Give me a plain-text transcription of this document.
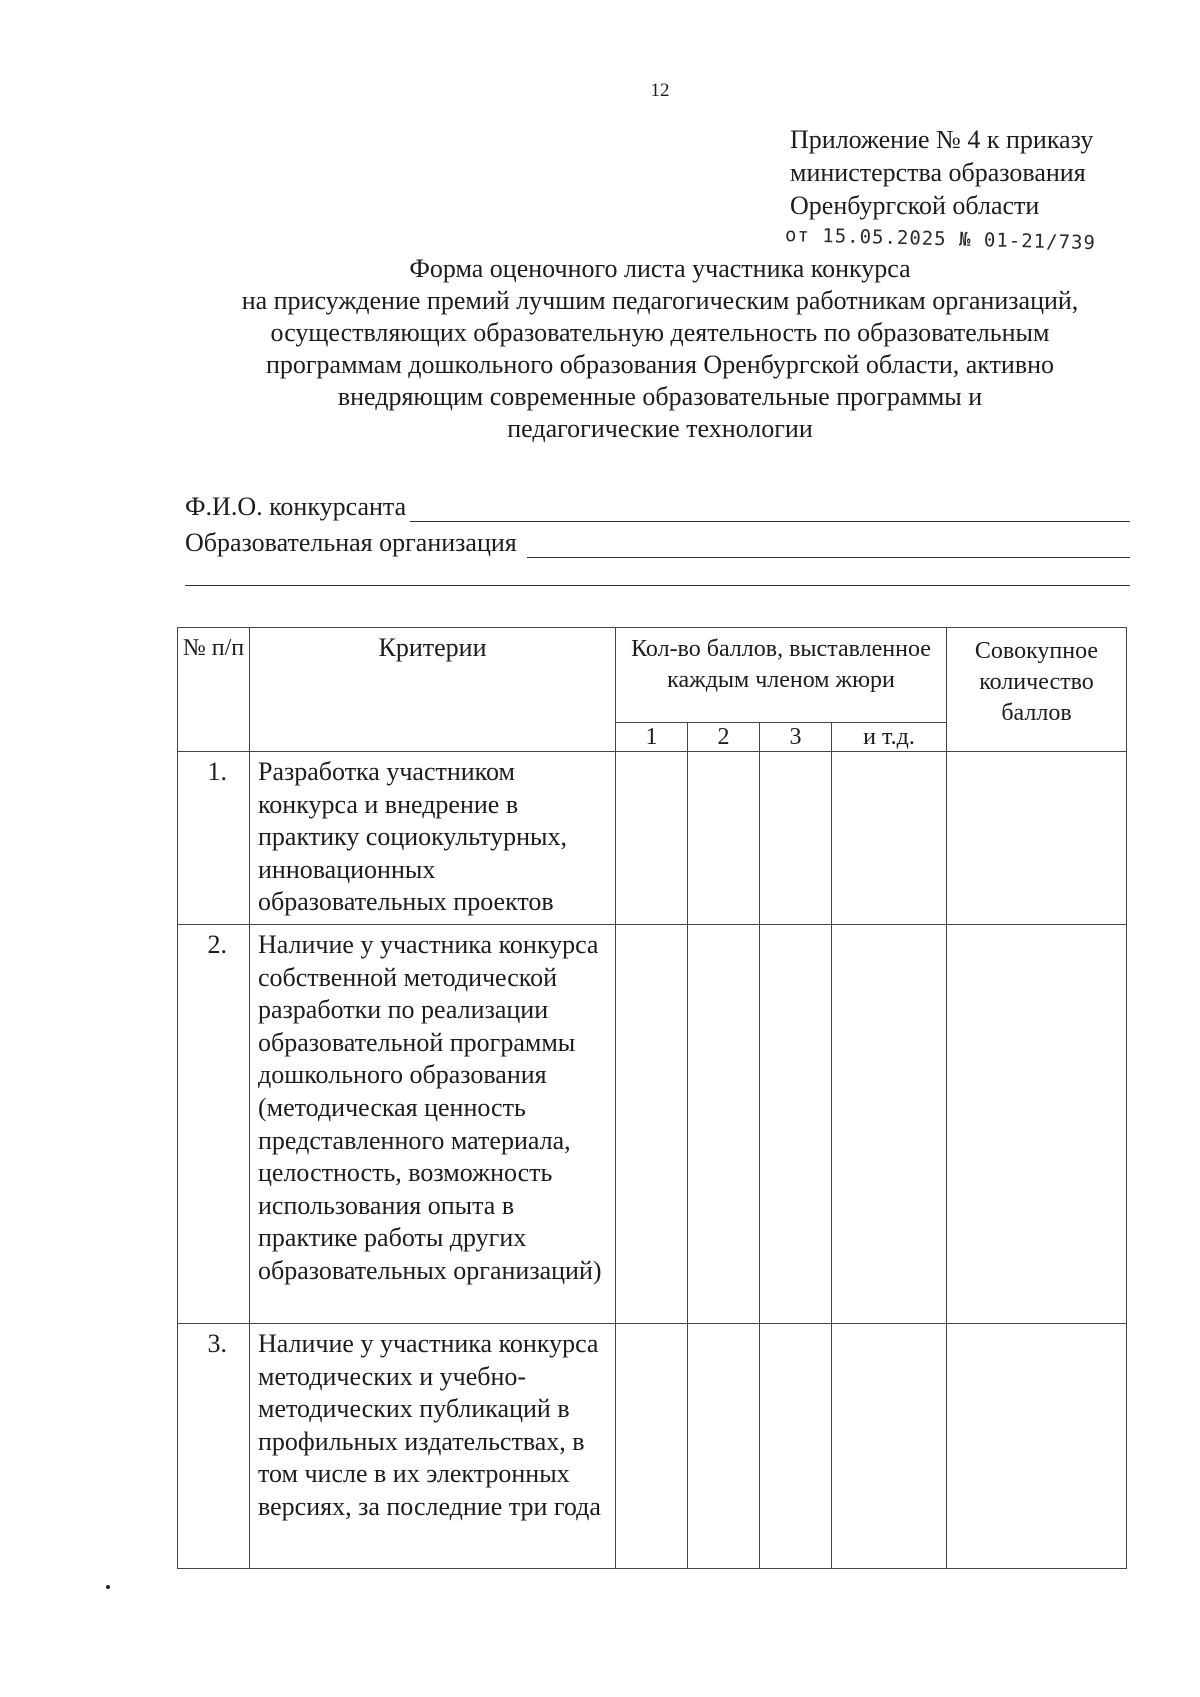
12
Приложение № 4 к приказу
министерства образования
Оренбургской области
от 15.05.2025 № 01-21/739
Форма оценочного листа участника конкурса
на присуждение премий лучшим педагогическим работникам организаций,
осуществляющих образовательную деятельность по образовательным
программам дошкольного образования Оренбургской области, активно
внедряющим современные образовательные программы и
педагогические технологии
Ф.И.О. конкурсанта
Образовательная организация
№ п/п	Критерии	Кол-во баллов, выставленное каждым членом жюри				Совокупное количество баллов
		1	2	3	и т.д.	
1.	Разработка участником конкурса и внедрение в практику социокультурных, инновационных образовательных проектов					
2.	Наличие у участника конкурса собственной методической разработки по реализации образовательной программы дошкольного образования (методическая ценность представленного материала, целостность, возможность использования опыта в практике работы других образовательных организаций)					
3.	Наличие у участника конкурса методических и учебно-методических публикаций в профильных издательствах, в том числе в их электронных версиях, за последние три года					
